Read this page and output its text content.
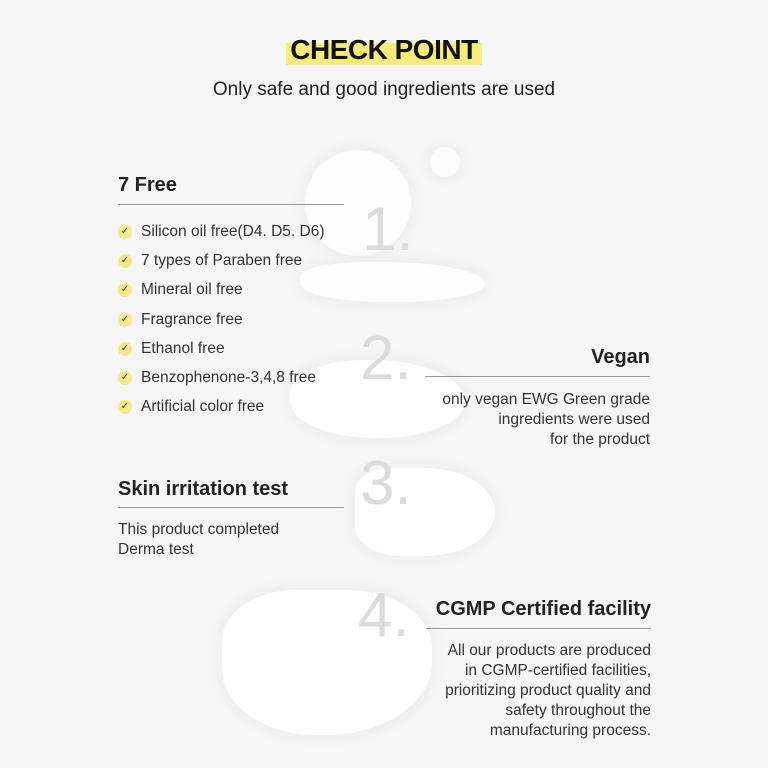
CHECK POINT
Only safe and good ingredients are used
1.
2.
3.
4.
7 Free
✓ Silicon oil free(D4. D5. D6)
✓ 7 types of Paraben free
✓ Mineral oil free
✓ Fragrance free
✓ Ethanol free
✓ Benzophenone-3,4,8 free
✓ Artificial color free
Vegan
only vegan EWG Green grade
ingredients were used
for the product
Skin irritation test
This product completed
Derma test
CGMP Certified facility
All our products are produced
in CGMP-certified facilities,
prioritizing product quality and
safety throughout the
manufacturing process.
